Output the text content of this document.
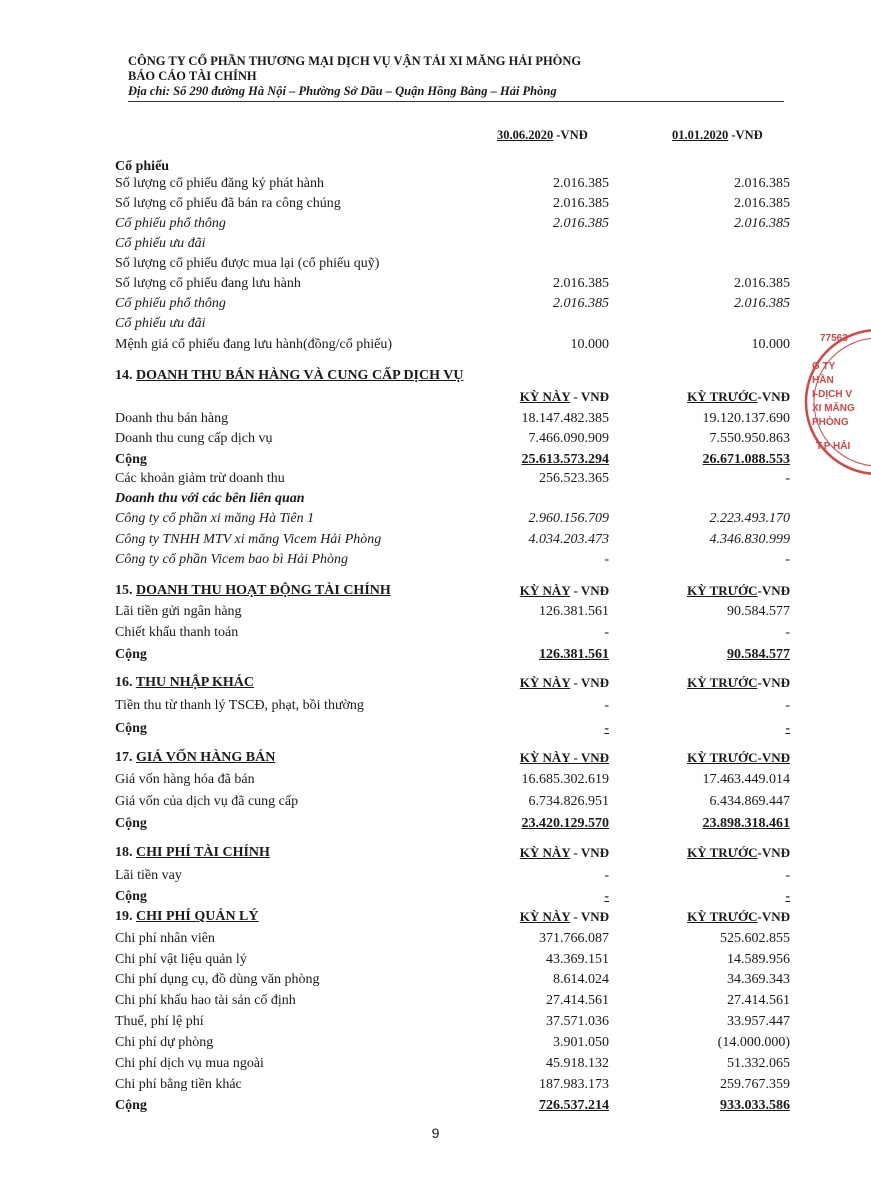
CÔNG TY CỔ PHẦN THƯƠNG MẠI DỊCH VỤ VẬN TẢI XI MĂNG HẢI PHÒNG
BÁO CÁO TÀI CHÍNH
Địa chỉ: Số 290 đường Hà Nội – Phường Sở Dầu – Quận Hồng Bàng – Hải Phòng
30.06.2020 -VNĐ	01.01.2020 -VNĐ
Cổ phiếu
Số lượng cổ phiếu đăng ký phát hành	2.016.385	2.016.385
Số lượng cổ phiếu đã bán ra công chúng	2.016.385	2.016.385
Cổ phiếu phổ thông	2.016.385	2.016.385
Cổ phiếu ưu đãi
Số lượng cổ phiếu được mua lại (cổ phiếu quỹ)
Số lượng cổ phiếu đang lưu hành	2.016.385	2.016.385
Cổ phiếu phổ thông	2.016.385	2.016.385
Cổ phiếu ưu đãi
Mệnh giá cổ phiếu đang lưu hành(đồng/cổ phiếu)	10.000	10.000
14. DOANH THU BÁN HÀNG VÀ CUNG CẤP DỊCH VỤ
KỲ NÀY - VNĐ	KỲ TRƯỚC-VNĐ
Doanh thu bán hàng	18.147.482.385	19.120.137.690
Doanh thu cung cấp dịch vụ	7.466.090.909	7.550.950.863
Cộng	25.613.573.294	26.671.088.553
Các khoản giảm trừ doanh thu	256.523.365	-
Doanh thu với các bên liên quan
Công ty cổ phần xi măng Hà Tiên 1	2.960.156.709	2.223.493.170
Công ty TNHH MTV xi măng Vicem Hải Phòng	4.034.203.473	4.346.830.999
Công ty cổ phần Vicem bao bì Hải Phòng	-	-
15. DOANH THU HOẠT ĐỘNG TÀI CHÍNH	KỲ NÀY - VNĐ	KỲ TRƯỚC-VNĐ
Lãi tiền gửi ngân hàng	126.381.561	90.584.577
Chiết khấu thanh toán	-	-
Cộng	126.381.561	90.584.577
16. THU NHẬP KHÁC	KỲ NÀY - VNĐ	KỲ TRƯỚC-VNĐ
Tiền thu từ thanh lý TSCĐ, phạt, bồi thường	-	-
Cộng	-	-
17. GIÁ VỐN HÀNG BÁN	KỲ NÀY - VNĐ	KỲ TRƯỚC-VNĐ
Giá vốn hàng hóa đã bán	16.685.302.619	17.463.449.014
Giá vốn của dịch vụ đã cung cấp	6.734.826.951	6.434.869.447
Cộng	23.420.129.570	23.898.318.461
18. CHI PHÍ TÀI CHÍNH	KỲ NÀY - VNĐ	KỲ TRƯỚC-VNĐ
Lãi tiền vay	-	-
Cộng	-	-
19. CHI PHÍ QUẢN LÝ	KỲ NÀY - VNĐ	KỲ TRƯỚC-VNĐ
Chi phí nhân viên	371.766.087	525.602.855
Chi phí vật liệu quản lý	43.369.151	14.589.956
Chi phí dụng cụ, đồ dùng văn phòng	8.614.024	34.369.343
Chi phí khấu hao tài sản cố định	27.414.561	27.414.561
Thuế, phí lệ phí	37.571.036	33.957.447
Chi phí dự phòng	3.901.050	(14.000.000)
Chi phí dịch vụ mua ngoài	45.918.132	51.332.065
Chi phí bằng tiền khác	187.983.173	259.767.359
Cộng	726.537.214	933.033.586
9
77563
G TY
HẦN
I-DỊCH V
XI MĂNG
PHÒNG
T.P HẢI
